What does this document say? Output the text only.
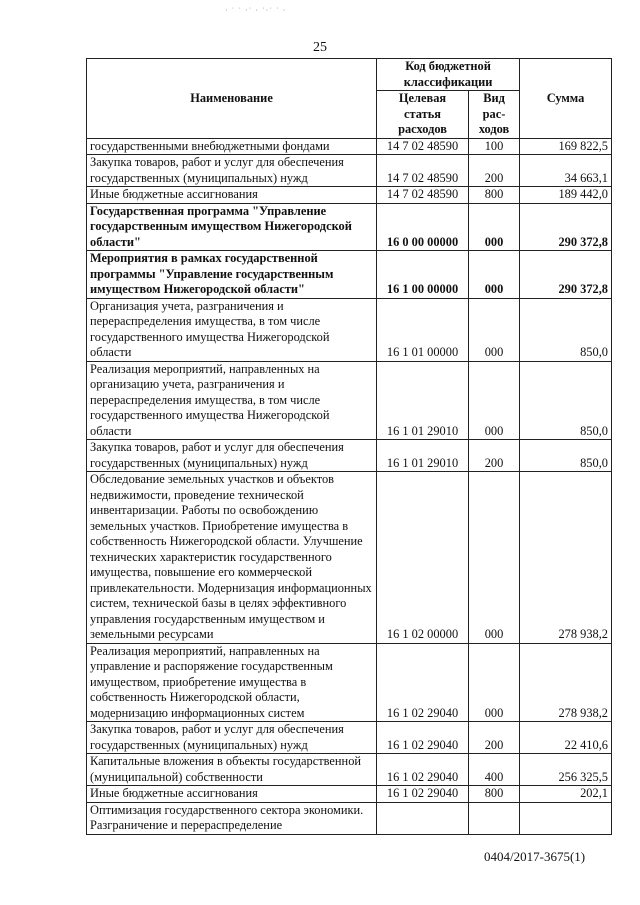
· ˙ ˙ ·˙ · ˙·˙ ˙ ·
25
Наименование	Код бюджетной классификации		Сумма
	Целевая статья расходов	Вид рас-ходов	
государственными внебюджетными фондами	14 7 02 48590	100	169 822,5
Закупка товаров, работ и услуг для обеспечения государственных (муниципальных) нужд	14 7 02 48590	200	34 663,1
Иные бюджетные ассигнования	14 7 02 48590	800	189 442,0
Государственная программа "Управление государственным имуществом Нижегородской области"	16 0 00 00000	000	290 372,8
Мероприятия в рамках государственной программы "Управление государственным имуществом Нижегородской области"	16 1 00 00000	000	290 372,8
Организация учета, разграничения и перераспределения имущества, в том числе государственного имущества Нижегородской области	16 1 01 00000	000	850,0
Реализация мероприятий, направленных на организацию учета, разграничения и перераспределения имущества, в том числе государственного имущества Нижегородской области	16 1 01 29010	000	850,0
Закупка товаров, работ и услуг для обеспечения государственных (муниципальных) нужд	16 1 01 29010	200	850,0
Обследование земельных участков и объектов недвижимости, проведение технической инвентаризации. Работы по освобождению земельных участков. Приобретение имущества в собственность Нижегородской области. Улучшение технических характеристик государственного имущества, повышение его коммерческой привлекательности. Модернизация информационных систем, технической базы в целях эффективного управления государственным имуществом и земельными ресурсами	16 1 02 00000	000	278 938,2
Реализация мероприятий, направленных на управление и распоряжение государственным имуществом, приобретение имущества в собственность Нижегородской области, модернизацию информационных систем	16 1 02 29040	000	278 938,2
Закупка товаров, работ и услуг для обеспечения государственных (муниципальных) нужд	16 1 02 29040	200	22 410,6
Капитальные вложения в объекты государственной (муниципальной) собственности	16 1 02 29040	400	256 325,5
Иные бюджетные ассигнования	16 1 02 29040	800	202,1
Оптимизация государственного сектора экономики. Разграничение и перераспределение			
0404/2017-3675(1)
